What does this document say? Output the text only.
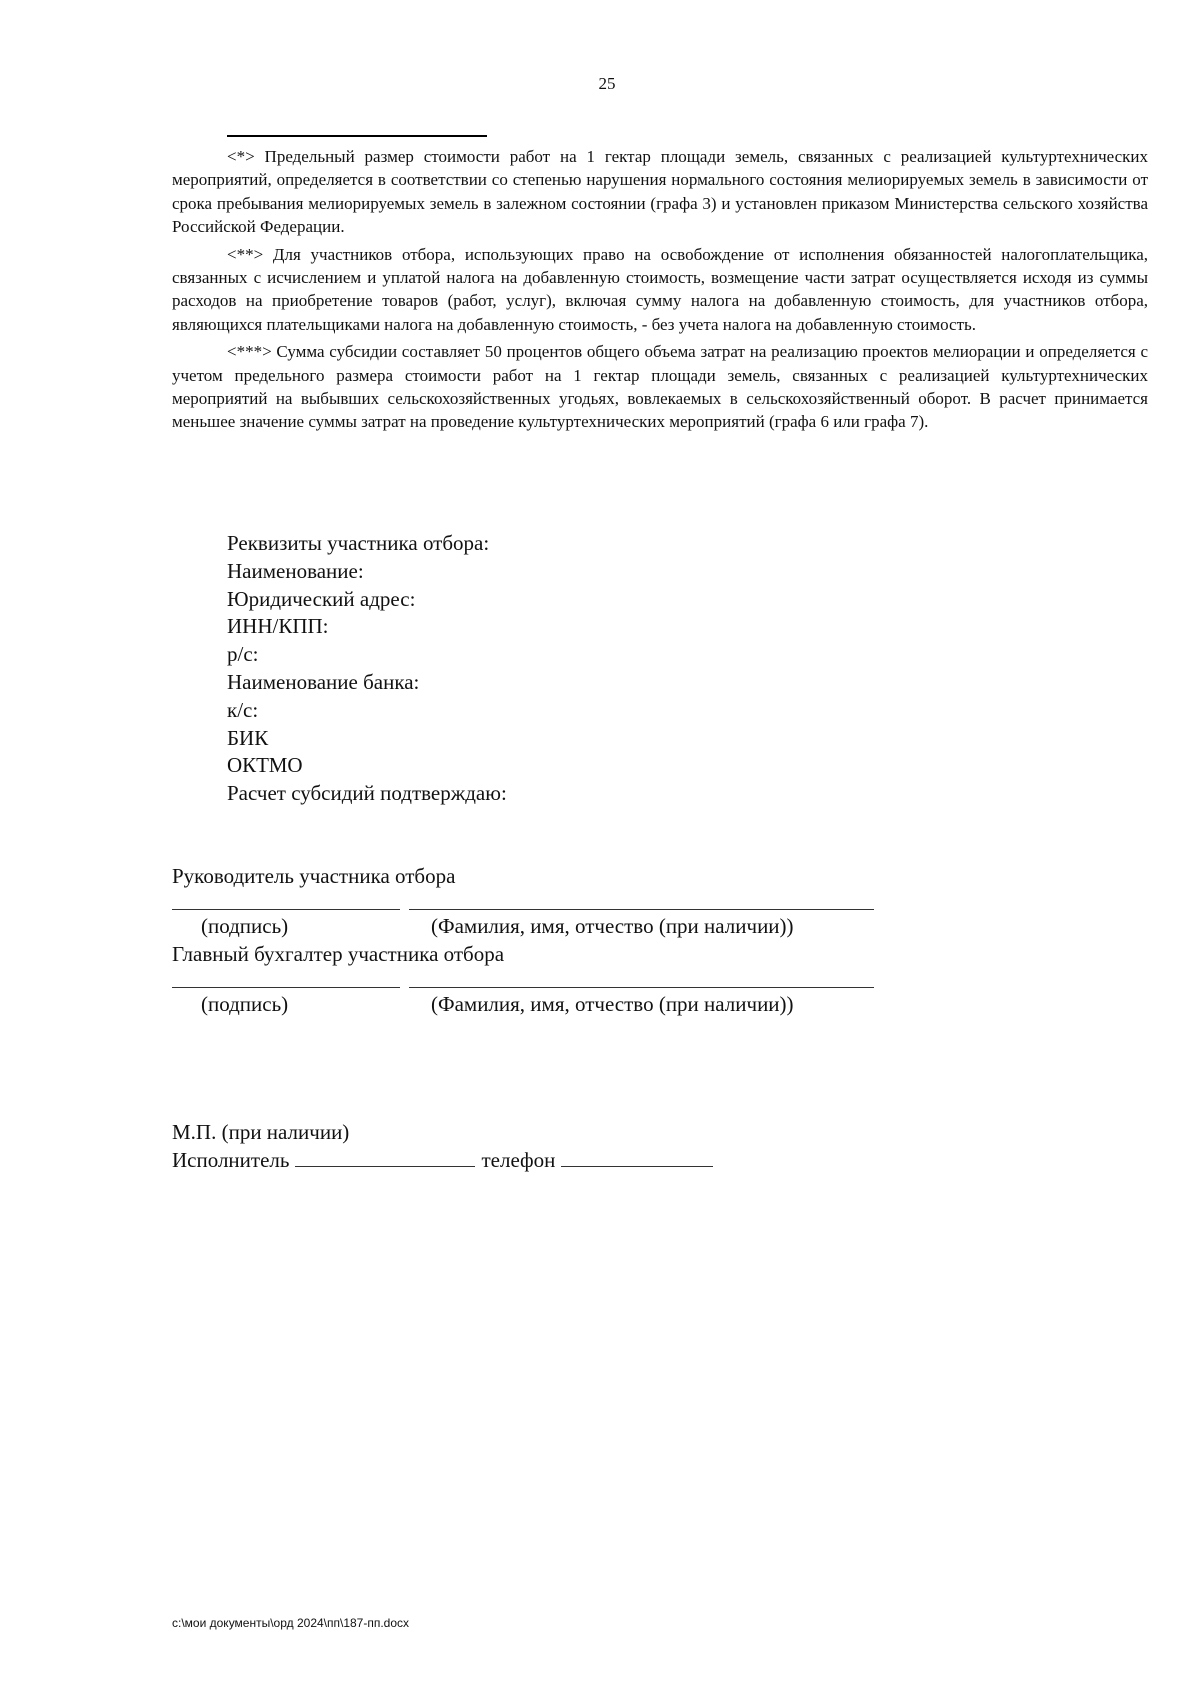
25

<*> Предельный размер стоимости работ на 1 гектар площади земель, связанных с реализацией культуртехнических мероприятий, определяется в соответствии со степенью нарушения нормального состояния мелиорируемых земель в зависимости от срока пребывания мелиорируемых земель в залежном состоянии (графа 3) и установлен приказом Министерства сельского хозяйства Российской Федерации.

<**> Для участников отбора, использующих право на освобождение от исполнения обязанностей налогоплательщика, связанных с исчислением и уплатой налога на добавленную стоимость, возмещение части затрат осуществляется исходя из суммы расходов на приобретение товаров (работ, услуг), включая сумму налога на добавленную стоимость, для участников отбора, являющихся плательщиками налога на добавленную стоимость, - без учета налога на добавленную стоимость.

<***> Сумма субсидии составляет 50 процентов общего объема затрат на реализацию проектов мелиорации и определяется с учетом предельного размера стоимости работ на 1 гектар площади земель, связанных с реализацией культуртехнических мероприятий на выбывших сельскохозяйственных угодьях, вовлекаемых в сельскохозяйственный оборот. В расчет принимается меньшее значение суммы затрат на проведение культуртехнических мероприятий (графа 6 или графа 7).

Реквизиты участника отбора:
Наименование:
Юридический адрес:
ИНН/КПП:
р/с:
Наименование банка:
к/с:
БИК
ОКТМО
Расчет субсидий подтверждаю:
Руководитель участника отбора
(подпись)	(Фамилия, имя, отчество (при наличии))
Главный бухгалтер участника отбора
(подпись)	(Фамилия, имя, отчество (при наличии))
М.П. (при наличии)
Исполнитель	телефон
c:\мои документы\орд 2024\пп\187-пп.docx
